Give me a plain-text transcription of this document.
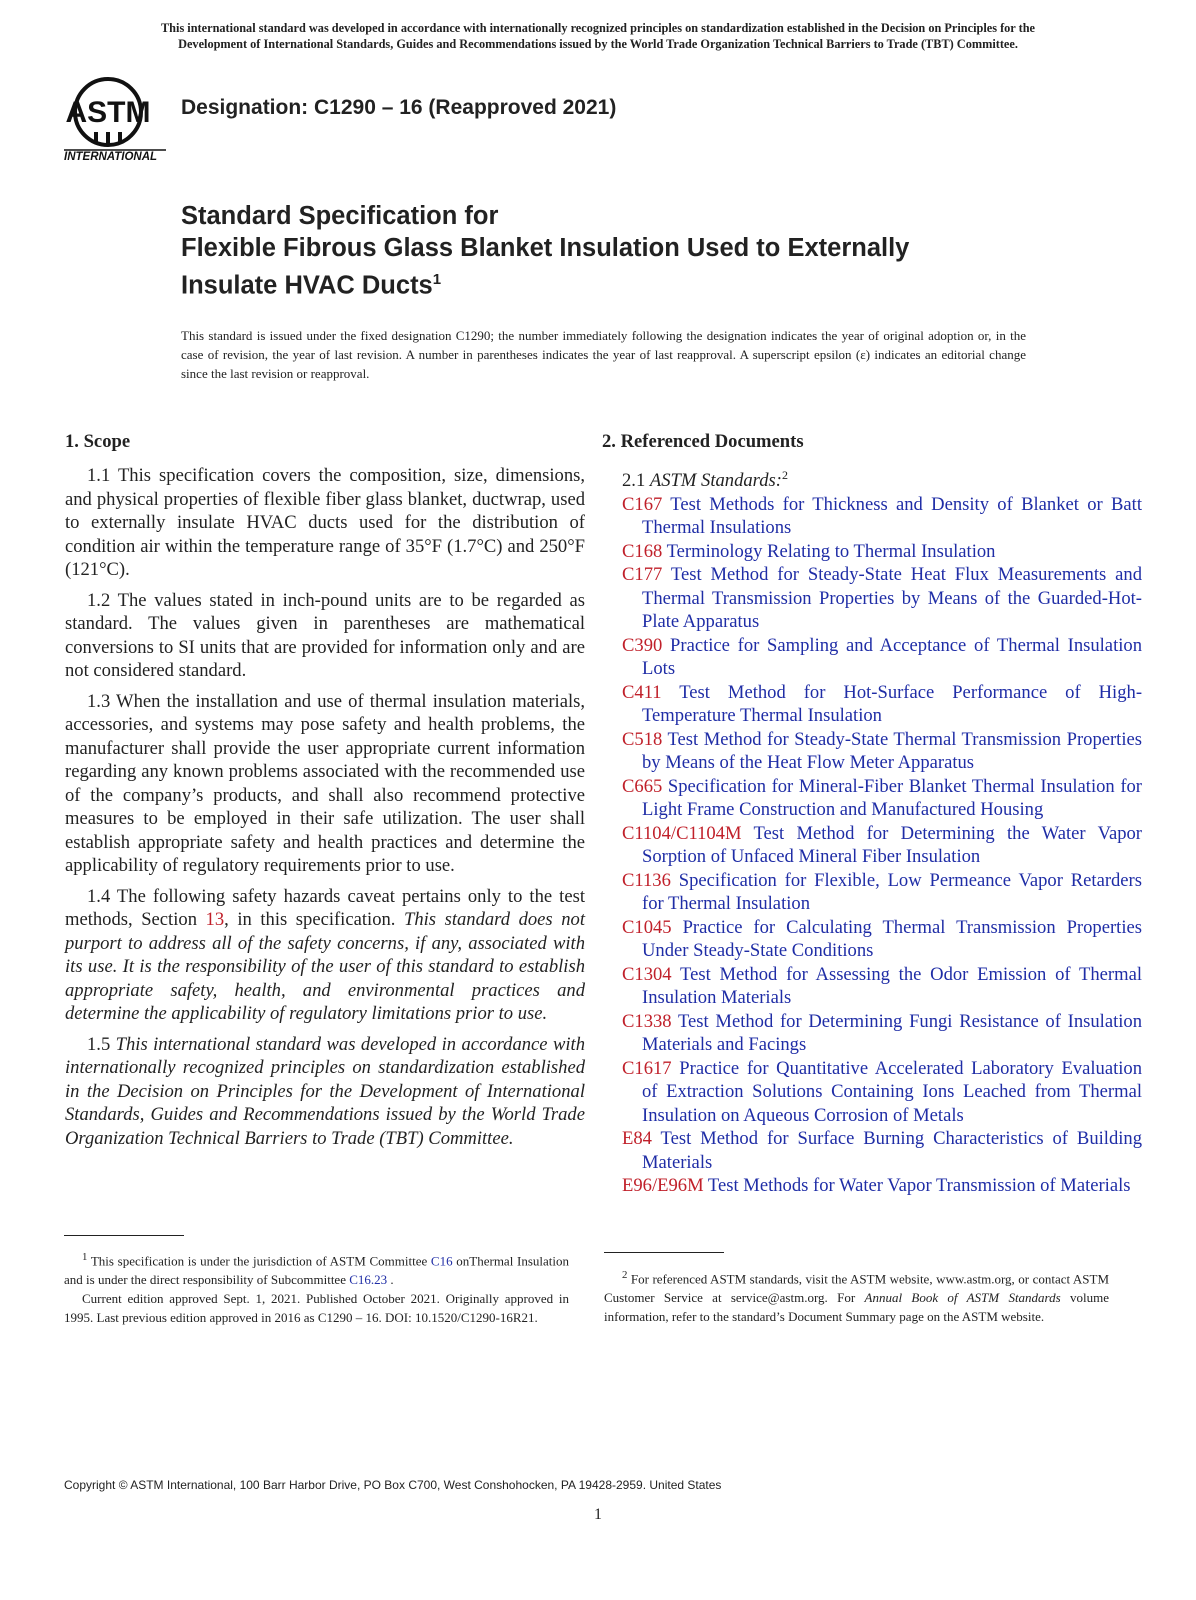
This international standard was developed in accordance with internationally recognized principles on standardization established in the Decision on Principles for the
Development of International Standards, Guides and Recommendations issued by the World Trade Organization Technical Barriers to Trade (TBT) Committee.
ASTM
INTERNATIONAL
Designation: C1290 – 16 (Reapproved 2021)
Standard Specification for
Flexible Fibrous Glass Blanket Insulation Used to Externally
Insulate HVAC Ducts$^1$
This standard is issued under the fixed designation C1290; the number immediately following the designation indicates the year of original adoption or, in the case of revision, the year of last revision. A number in parentheses indicates the year of last reapproval. A superscript epsilon (ε) indicates an editorial change since the last revision or reapproval.
1. Scope

1.1 This specification covers the composition, size, dimensions, and physical properties of flexible fiber glass blanket, ductwrap, used to externally insulate HVAC ducts used for the distribution of condition air within the temperature range of 35°F (1.7°C) and 250°F (121°C).

1.2 The values stated in inch-pound units are to be regarded as standard. The values given in parentheses are mathematical conversions to SI units that are provided for information only and are not considered standard.

1.3 When the installation and use of thermal insulation materials, accessories, and systems may pose safety and health problems, the manufacturer shall provide the user appropriate current information regarding any known problems associated with the recommended use of the company’s products, and shall also recommend protective measures to be employed in their safe utilization. The user shall establish appropriate safety and health practices and determine the applicability of regulatory requirements prior to use.

1.4 The following safety hazards caveat pertains only to the test methods, Section 13, in this specification. This standard does not purport to address all of the safety concerns, if any, associated with its use. It is the responsibility of the user of this standard to establish appropriate safety, health, and environmental practices and determine the applicability of regulatory limitations prior to use.

1.5 This international standard was developed in accordance with internationally recognized principles on standardization established in the Decision on Principles for the Development of International Standards, Guides and Recommendations issued by the World Trade Organization Technical Barriers to Trade (TBT) Committee.

2. Referenced Documents
2.1 ASTM Standards:$^2$

C167 Test Methods for Thickness and Density of Blanket or Batt Thermal Insulations

C168 Terminology Relating to Thermal Insulation

C177 Test Method for Steady-State Heat Flux Measurements and Thermal Transmission Properties by Means of the Guarded-Hot-Plate Apparatus

C390 Practice for Sampling and Acceptance of Thermal Insulation Lots

C411 Test Method for Hot-Surface Performance of High-Temperature Thermal Insulation

C518 Test Method for Steady-State Thermal Transmission Properties by Means of the Heat Flow Meter Apparatus

C665 Specification for Mineral-Fiber Blanket Thermal Insulation for Light Frame Construction and Manufactured Housing

C1104/C1104M Test Method for Determining the Water Vapor Sorption of Unfaced Mineral Fiber Insulation

C1136 Specification for Flexible, Low Permeance Vapor Retarders for Thermal Insulation

C1045 Practice for Calculating Thermal Transmission Properties Under Steady-State Conditions

C1304 Test Method for Assessing the Odor Emission of Thermal Insulation Materials

C1338 Test Method for Determining Fungi Resistance of Insulation Materials and Facings

C1617 Practice for Quantitative Accelerated Laboratory Evaluation of Extraction Solutions Containing Ions Leached from Thermal Insulation on Aqueous Corrosion of Metals

E84 Test Method for Surface Burning Characteristics of Building Materials

E96/E96M Test Methods for Water Vapor Transmission of Materials

$^1$ This specification is under the jurisdiction of ASTM Committee C16 onThermal Insulation and is under the direct responsibility of Subcommittee C16.23 .

Current edition approved Sept. 1, 2021. Published October 2021. Originally approved in 1995. Last previous edition approved in 2016 as C1290 – 16. DOI: 10.1520/C1290-16R21.

$^2$ For referenced ASTM standards, visit the ASTM website, www.astm.org, or contact ASTM Customer Service at service@astm.org. For Annual Book of ASTM Standards volume information, refer to the standard’s Document Summary page on the ASTM website.

Copyright © ASTM International, 100 Barr Harbor Drive, PO Box C700, West Conshohocken, PA 19428-2959. United States
1
